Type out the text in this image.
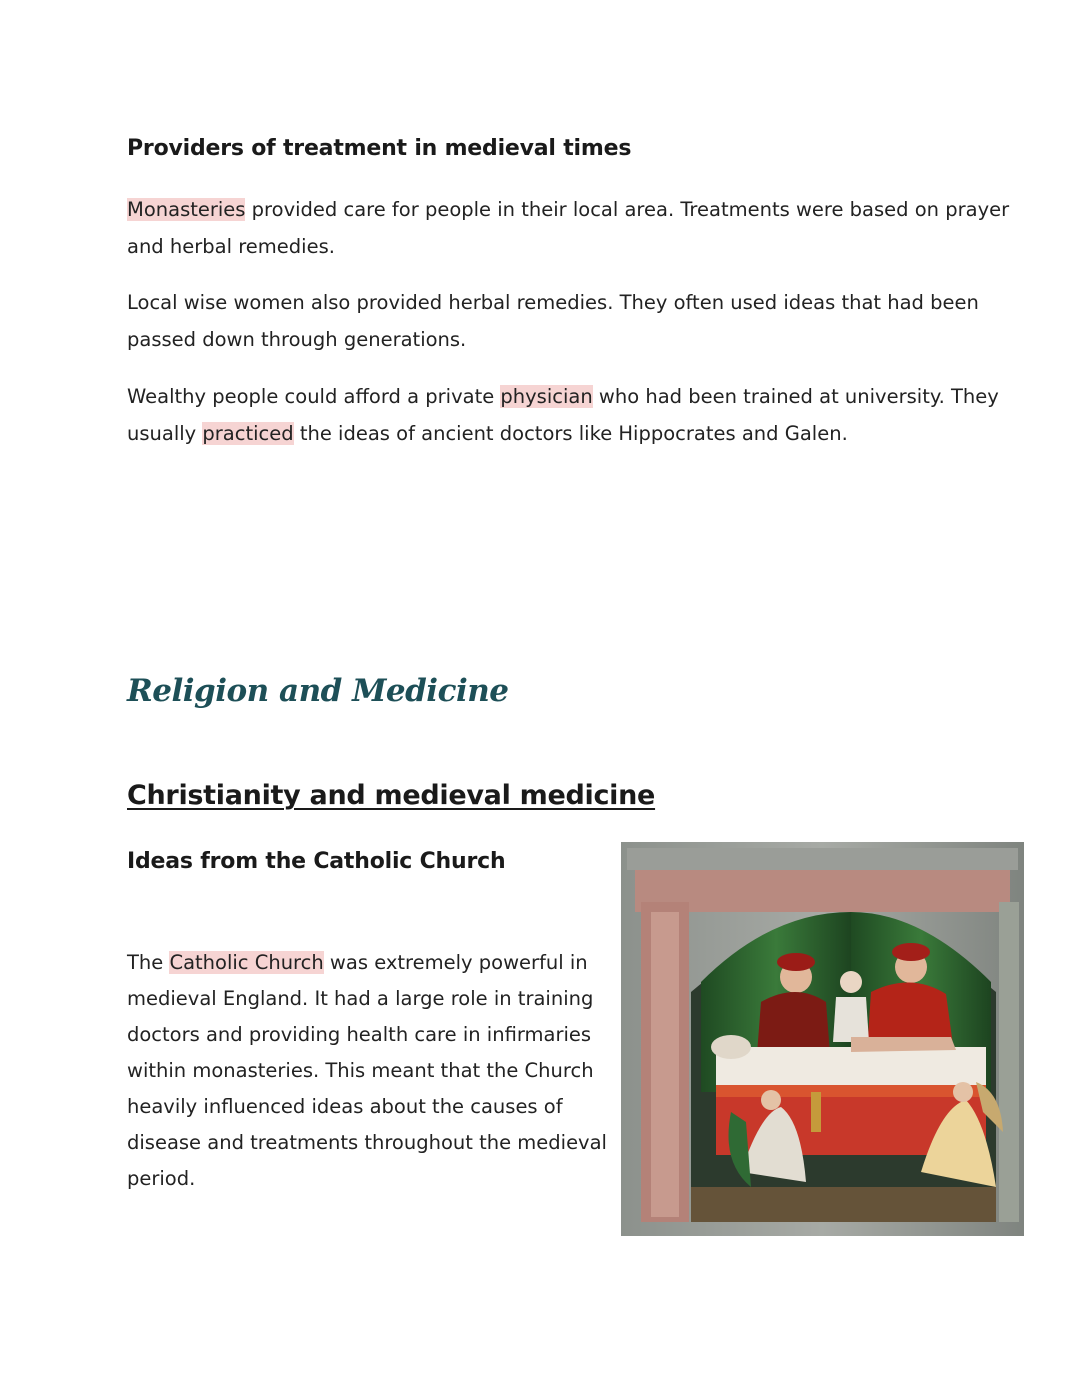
Providers of treatment in medieval times

Monasteries provided care for people in their local area. Treatments were based on prayer and herbal remedies.

Local wise women also provided herbal remedies. They often used ideas that had been passed down through generations.

Wealthy people could afford a private physician who had been trained at university. They usually practiced the ideas of ancient doctors like Hippocrates and Galen.

Religion and Medicine
Christianity and medieval medicine
Ideas from the Catholic Church

The Catholic Church was extremely powerful in medieval England. It had a large role in training doctors and providing health care in infirmaries within monasteries. This meant that the Church heavily influenced ideas about the causes of disease and treatments throughout the medieval period.
